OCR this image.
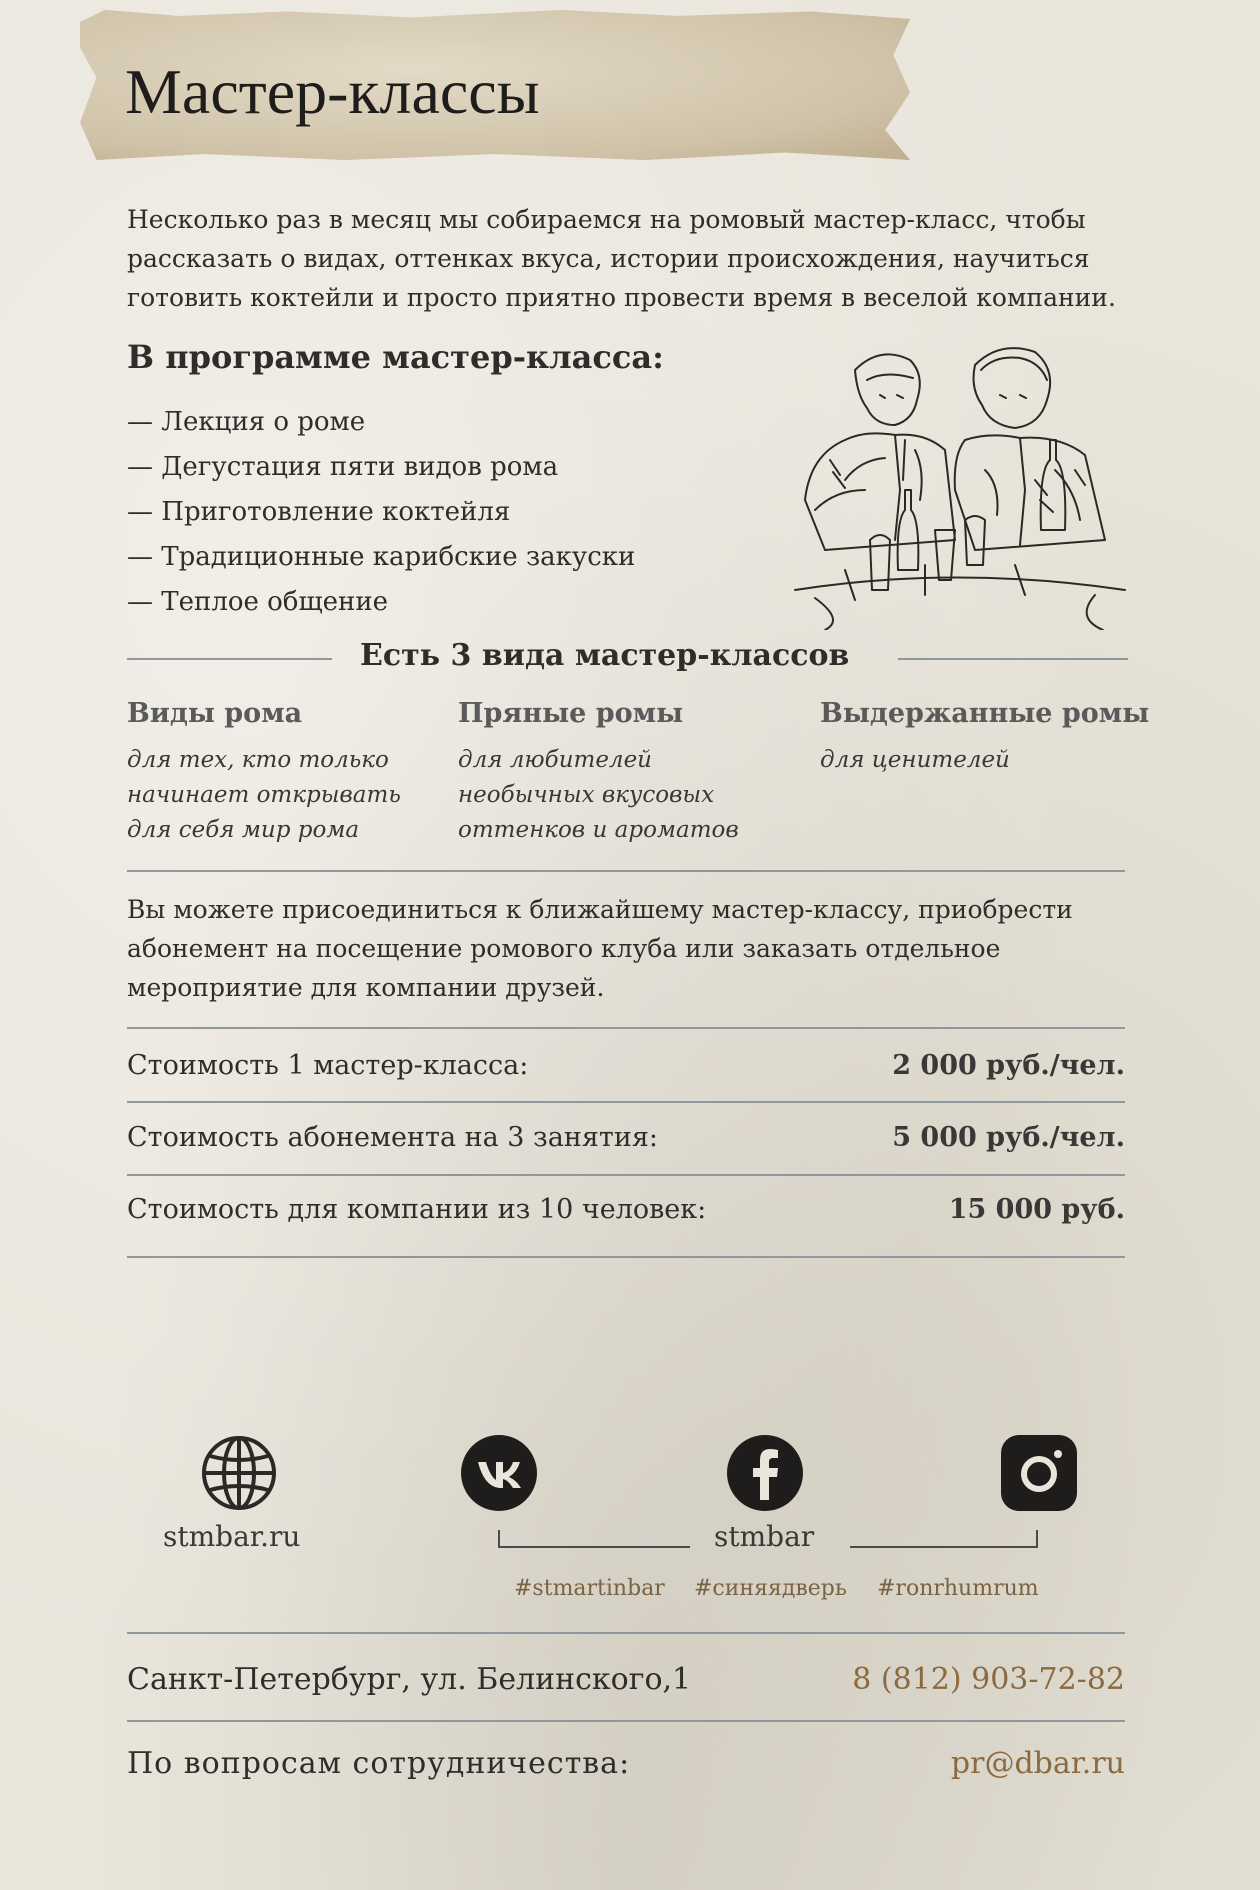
Мастер-классы

Несколько раз в месяц мы собираемся на ромовый мастер-класс, чтобы рассказать о видах, оттенках вкуса, истории происхождения, научиться готовить коктейли и просто приятно провести время в веселой компании.

В программе мастер-класса:
— Лекция о роме
— Дегустация пяти видов рома
— Приготовление коктейля
— Традиционные карибские закуски
— Теплое общение
Есть 3 вида мастер-классов

Виды рома

для тех, кто только
начинает открывать
для себя мир рома

Пряные ромы

для любителей
необычных вкусовых
оттенков и ароматов

Выдержанные ромы

для ценителей

Вы можете присоединиться к ближайшему мастер-классу, приобрести абонемент на посещение ромового клуба или заказать отдельное мероприятие для компании друзей.

Стоимость 1 мастер-класса:	2 000 руб./чел.

Стоимость абонемента на 3 занятия:	5 000 руб./чел.

Стоимость для компании из 10 человек:	15 000 руб.

stmbar.ru	stmbar

#stmartinbar #синяядверь #ronrhumrum

Санкт-Петербург, ул. Белинского,1	8 (812) 903-72-82

По вопросам сотрудничества:	pr@dbar.ru
